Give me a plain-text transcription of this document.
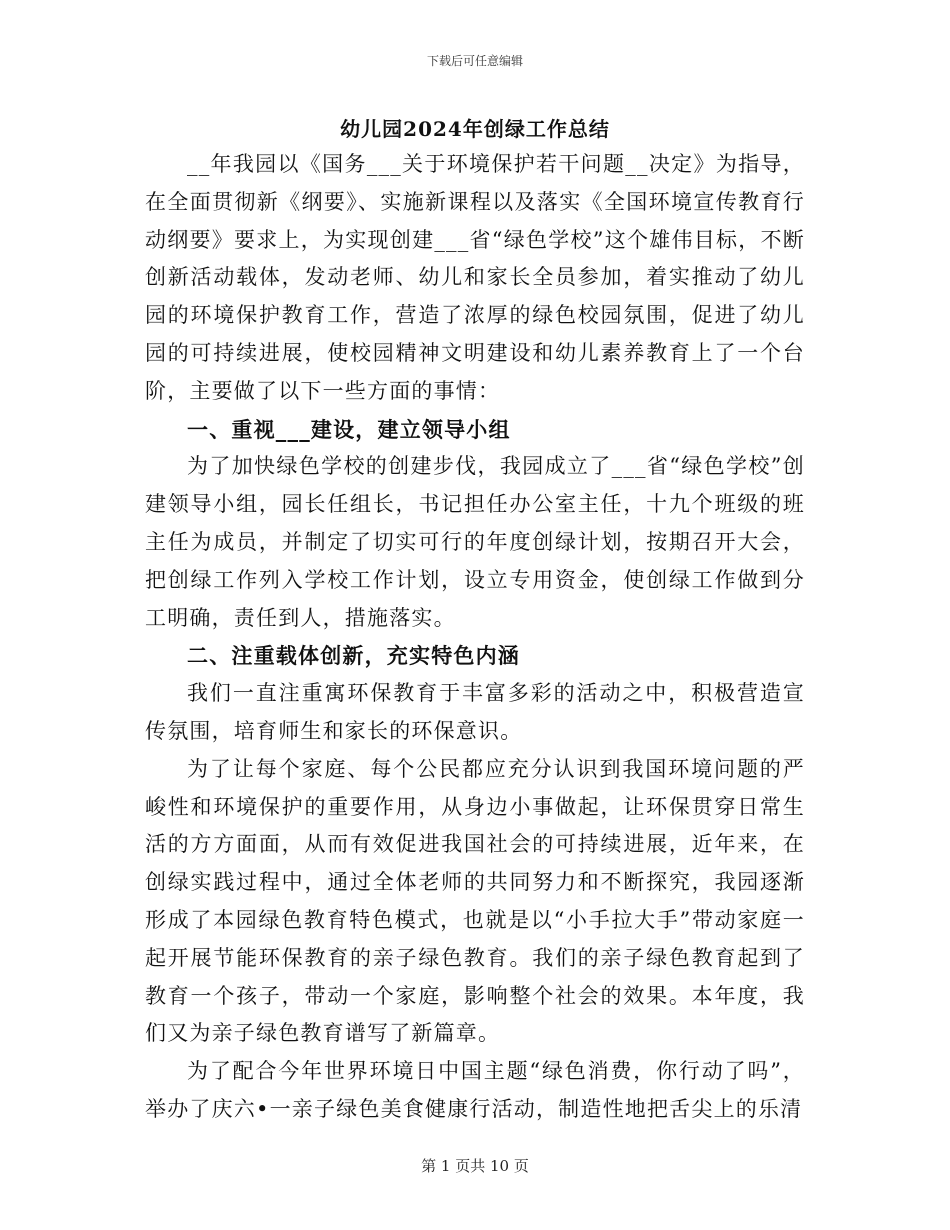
下载后可任意编辑
幼儿园2024年创绿工作总结

__年我园以《国务___关于环境保护若干问题__决定》为指导，在全面贯彻新《纲要》、实施新课程以及落实《全国环境宣传教育行动纲要》要求上，为实现创建___省“绿色学校”这个雄伟目标，不断创新活动载体，发动老师、幼儿和家长全员参加，着实推动了幼儿园的环境保护教育工作，营造了浓厚的绿色校园氛围，促进了幼儿园的可持续进展，使校园精神文明建设和幼儿素养教育上了一个台阶，主要做了以下一些方面的事情：

一、重视___建设，建立领导小组

为了加快绿色学校的创建步伐，我园成立了___省“绿色学校”创建领导小组，园长任组长，书记担任办公室主任，十九个班级的班主任为成员，并制定了切实可行的年度创绿计划，按期召开大会，把创绿工作列入学校工作计划，设立专用资金，使创绿工作做到分工明确，责任到人，措施落实。

二、注重载体创新，充实特色内涵

我们一直注重寓环保教育于丰富多彩的活动之中，积极营造宣传氛围，培育师生和家长的环保意识。

为了让每个家庭、每个公民都应充分认识到我国环境问题的严峻性和环境保护的重要作用，从身边小事做起，让环保贯穿日常生活的方方面面，从而有效促进我国社会的可持续进展，近年来，在创绿实践过程中，通过全体老师的共同努力和不断探究，我园逐渐形成了本园绿色教育特色模式，也就是以“小手拉大手”带动家庭一起开展节能环保教育的亲子绿色教育。我们的亲子绿色教育起到了教育一个孩子，带动一个家庭，影响整个社会的效果。本年度，我们又为亲子绿色教育谱写了新篇章。

为了配合今年世界环境日中国主题“绿色消费，你行动了吗”，举办了庆六•一亲子绿色美食健康行活动，制造性地把舌尖上的乐清

第 1 页共 10 页
